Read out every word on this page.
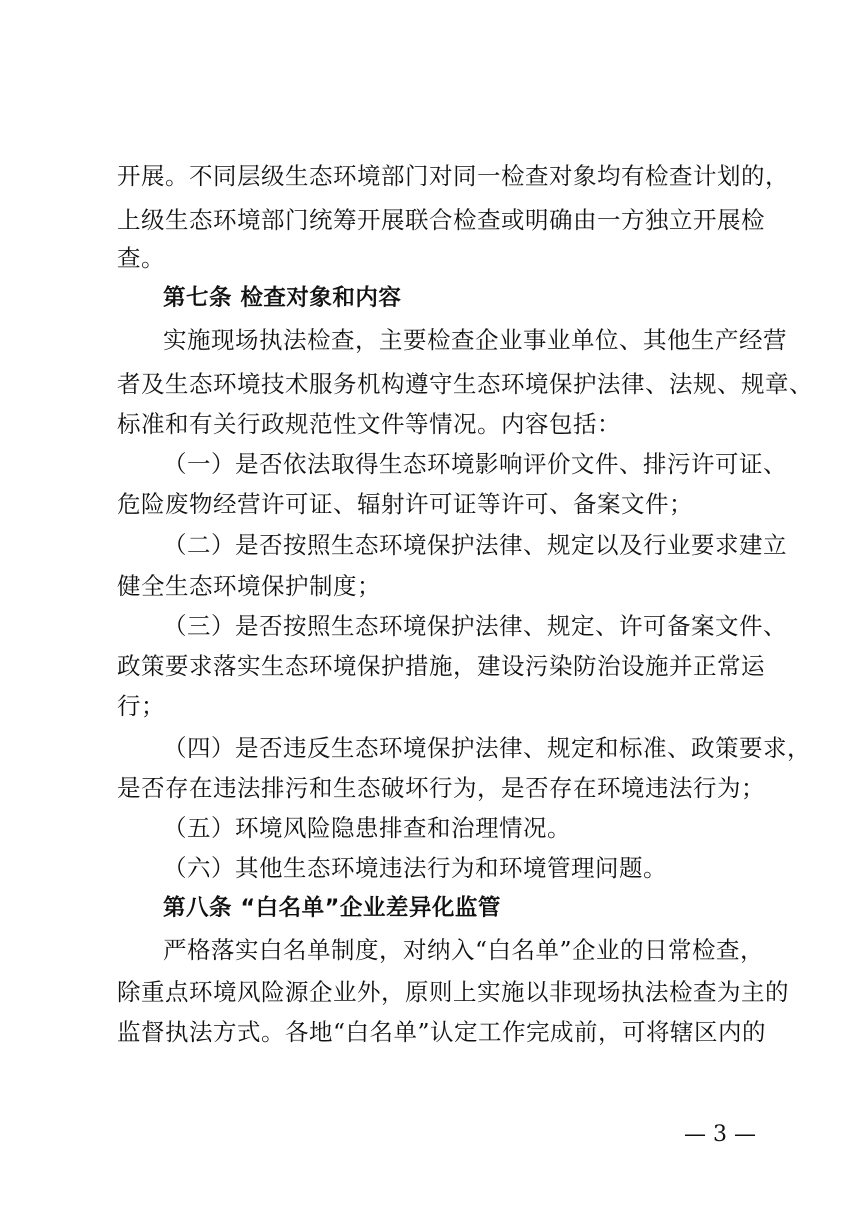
开展。不同层级生态环境部门对同一检查对象均有检查计划的，
上级生态环境部门统筹开展联合检查或明确由一方独立开展检
查。
第七条 检查对象和内容
实施现场执法检查，主要检查企业事业单位、其他生产经营
者及生态环境技术服务机构遵守生态环境保护法律、法规、规章、
标准和有关行政规范性文件等情况。内容包括：
（一）是否依法取得生态环境影响评价文件、排污许可证、
危险废物经营许可证、辐射许可证等许可、备案文件；
（二）是否按照生态环境保护法律、规定以及行业要求建立
健全生态环境保护制度；
（三）是否按照生态环境保护法律、规定、许可备案文件、
政策要求落实生态环境保护措施，建设污染防治设施并正常运
行；
（四）是否违反生态环境保护法律、规定和标准、政策要求，
是否存在违法排污和生态破坏行为，是否存在环境违法行为；
（五）环境风险隐患排查和治理情况。
（六）其他生态环境违法行为和环境管理问题。
第八条 “白名单”企业差异化监管
严格落实白名单制度，对纳入“白名单”企业的日常检查，
除重点环境风险源企业外，原则上实施以非现场执法检查为主的
监督执法方式。各地“白名单”认定工作完成前，可将辖区内的
— 3 —
